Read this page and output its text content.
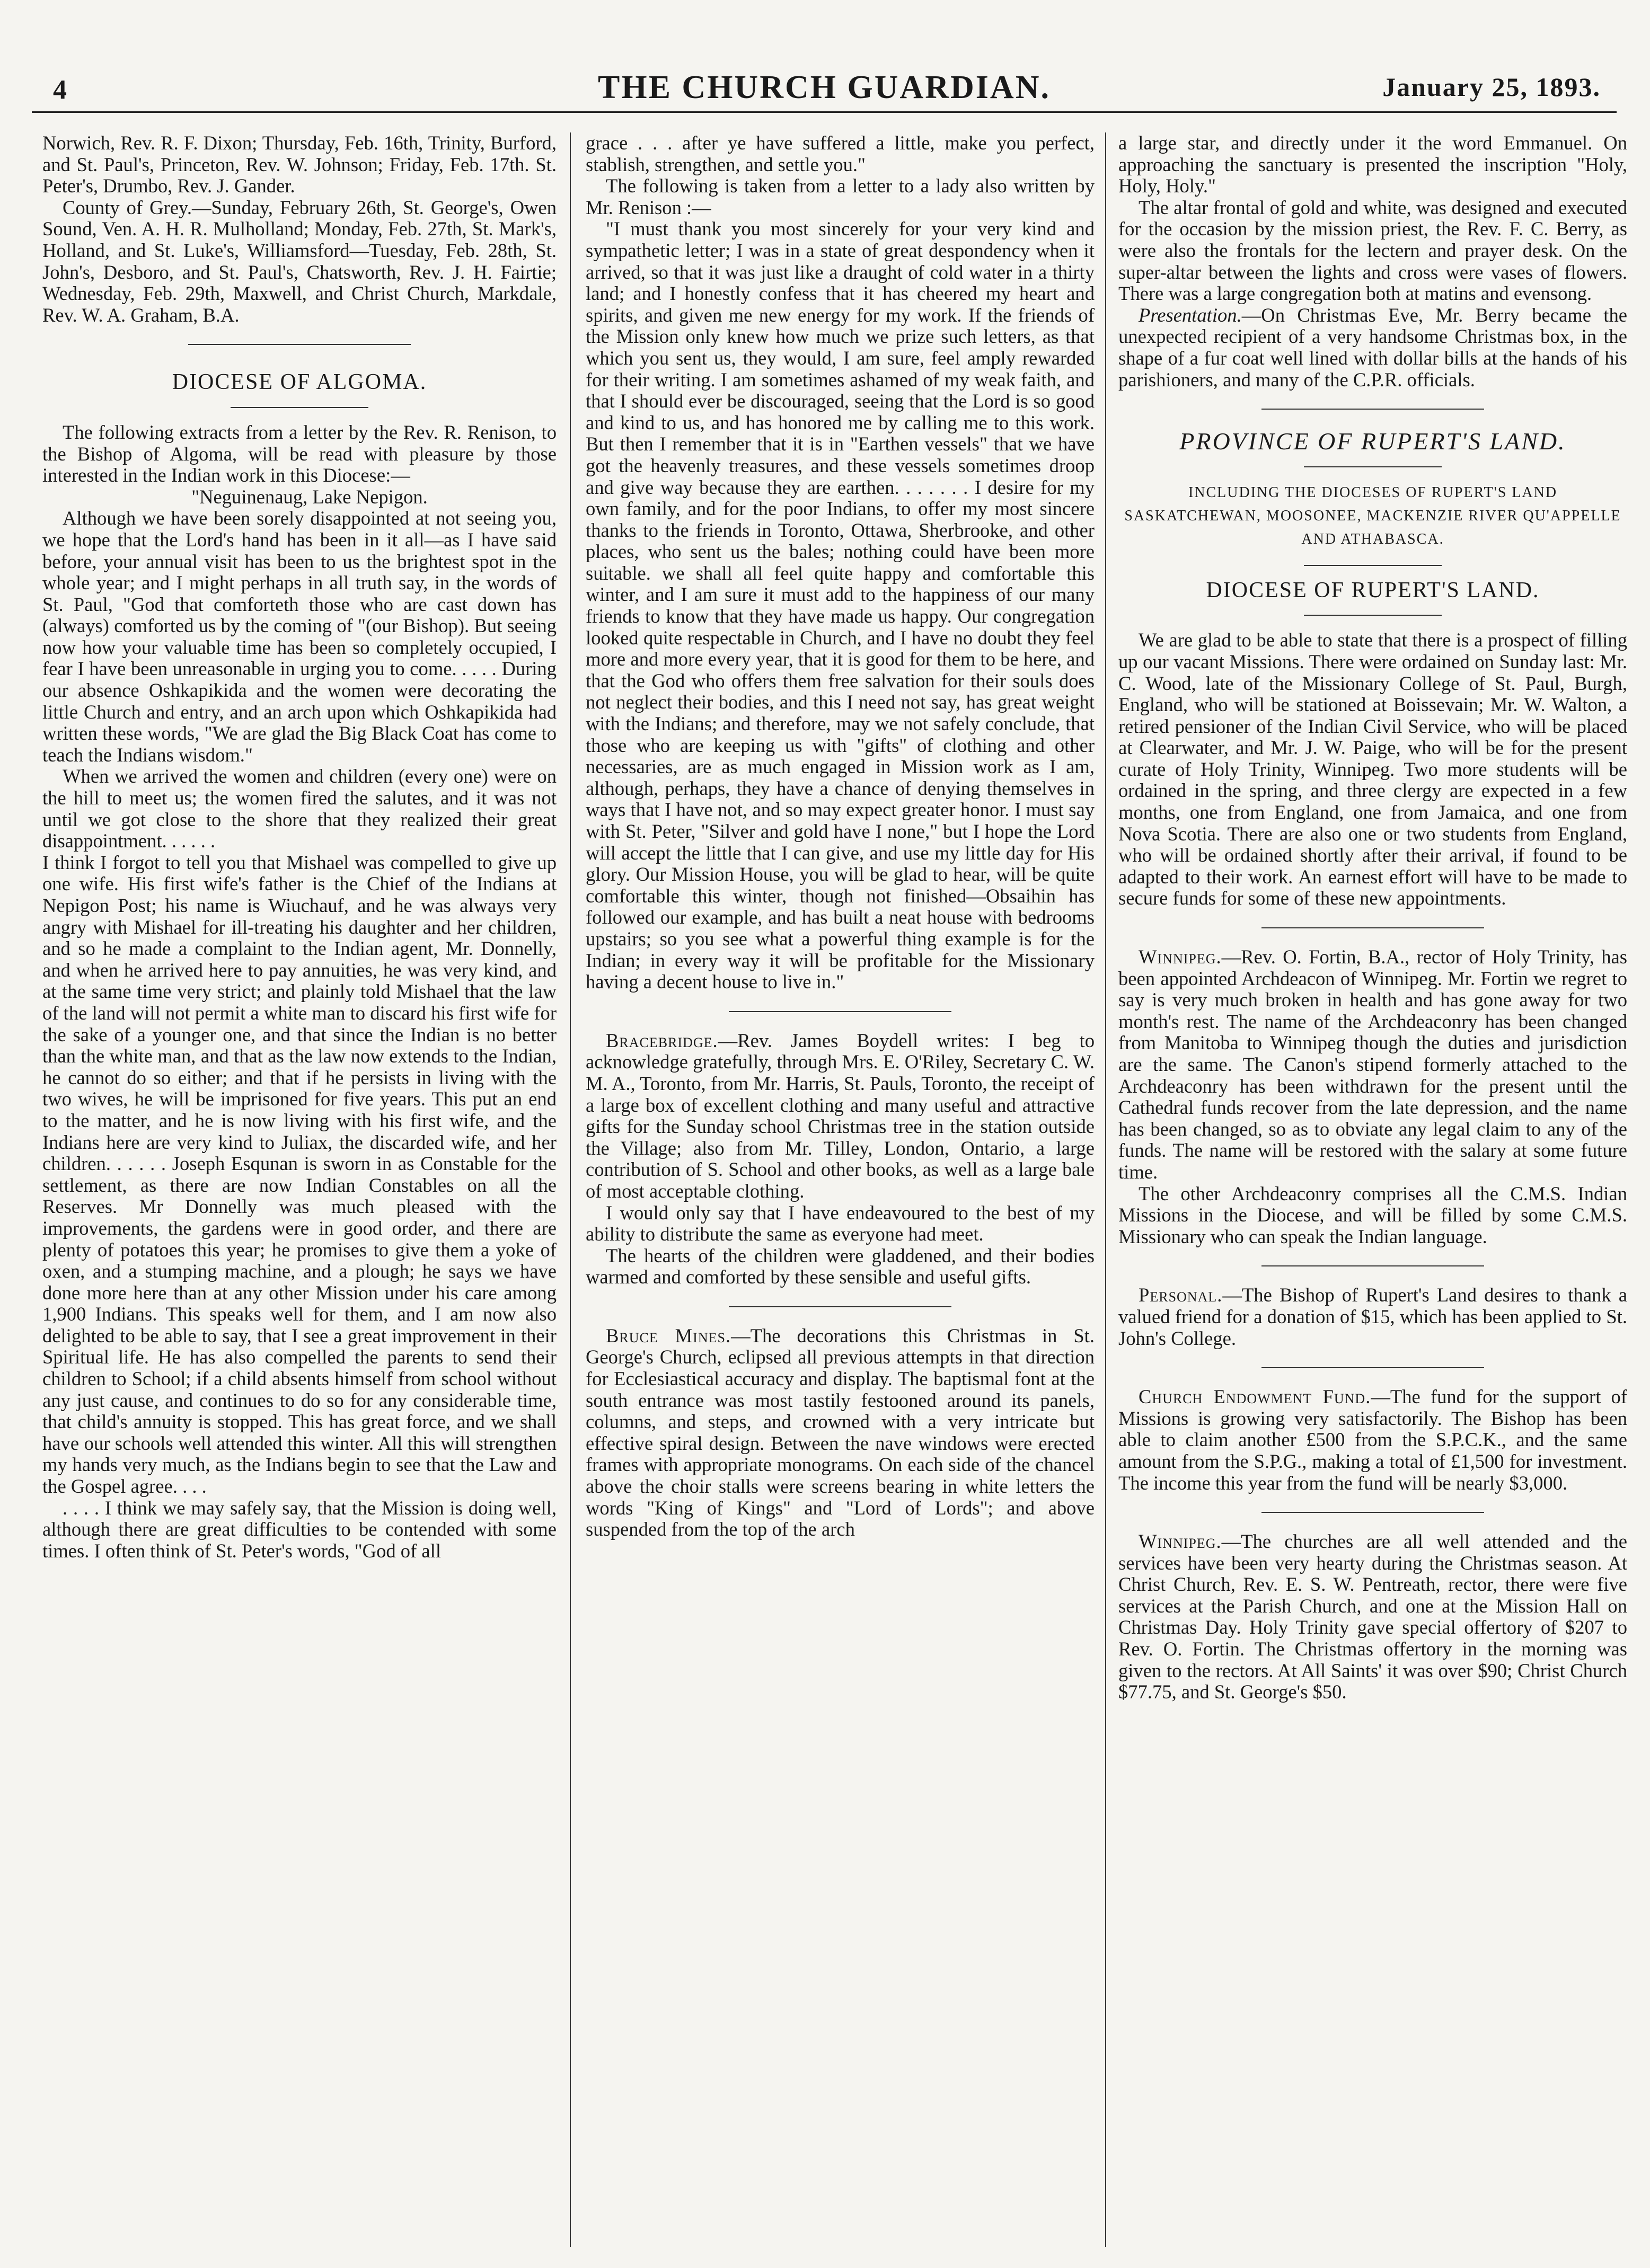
4	THE CHURCH GUARDIAN.	January 25, 1893.

Norwich, Rev. R. F. Dixon; Thursday, Feb. 16th, Trinity, Burford, and St. Paul's, Princeton, Rev. W. Johnson; Friday, Feb. 17th. St. Peter's, Drumbo, Rev. J. Gander.

County of Grey.—Sunday, February 26th, St. George's, Owen Sound, Ven. A. H. R. Mulholland; Monday, Feb. 27th, St. Mark's, Holland, and St. Luke's, Williamsford—Tuesday, Feb. 28th, St. John's, Desboro, and St. Paul's, Chatsworth, Rev. J. H. Fairtie; Wednesday, Feb. 29th, Maxwell, and Christ Church, Markdale, Rev. W. A. Graham, B.A.

DIOCESE OF ALGOMA.

The following extracts from a letter by the Rev. R. Renison, to the Bishop of Algoma, will be read with pleasure by those interested in the Indian work in this Diocese:—

"Neguinenaug, Lake Nepigon.

Although we have been sorely disappointed at not seeing you, we hope that the Lord's hand has been in it all—as I have said before, your annual visit has been to us the brightest spot in the whole year; and I might perhaps in all truth say, in the words of St. Paul, "God that comforteth those who are cast down has (always) comforted us by the coming of "(our Bishop). But seeing now how your valuable time has been so completely occupied, I fear I have been unreasonable in urging you to come. . . . . During our absence Oshkapikida and the women were decorating the little Church and entry, and an arch upon which Oshkapikida had written these words, "We are glad the Big Black Coat has come to teach the Indians wisdom."

When we arrived the women and children (every one) were on the hill to meet us; the women fired the salutes, and it was not until we got close to the shore that they realized their great disappointment. . . . . .

I think I forgot to tell you that Mishael was compelled to give up one wife. His first wife's father is the Chief of the Indians at Nepigon Post; his name is Wiuchauf, and he was always very angry with Mishael for ill-treating his daughter and her children, and so he made a complaint to the Indian agent, Mr. Donnelly, and when he arrived here to pay annuities, he was very kind, and at the same time very strict; and plainly told Mishael that the law of the land will not permit a white man to discard his first wife for the sake of a younger one, and that since the Indian is no better than the white man, and that as the law now extends to the Indian, he cannot do so either; and that if he persists in living with the two wives, he will be imprisoned for five years. This put an end to the matter, and he is now living with his first wife, and the Indians here are very kind to Juliax, the discarded wife, and her children. . . . . . Joseph Esqunan is sworn in as Constable for the settlement, as there are now Indian Constables on all the Reserves. Mr Donnelly was much pleased with the improvements, the gardens were in good order, and there are plenty of potatoes this year; he promises to give them a yoke of oxen, and a stumping machine, and a plough; he says we have done more here than at any other Mission under his care among 1,900 Indians. This speaks well for them, and I am now also delighted to be able to say, that I see a great improvement in their Spiritual life. He has also compelled the parents to send their children to School; if a child absents himself from school without any just cause, and continues to do so for any considerable time, that child's annuity is stopped. This has great force, and we shall have our schools well attended this winter. All this will strengthen my hands very much, as the Indians begin to see that the Law and the Gospel agree. . . .

. . . . I think we may safely say, that the Mission is doing well, although there are great difficulties to be contended with some times. I often think of St. Peter's words, "God of all

grace . . . after ye have suffered a little, make you perfect, stablish, strengthen, and settle you."

The following is taken from a letter to a lady also written by Mr. Renison :—

"I must thank you most sincerely for your very kind and sympathetic letter; I was in a state of great despondency when it arrived, so that it was just like a draught of cold water in a thirty land; and I honestly confess that it has cheered my heart and spirits, and given me new energy for my work. If the friends of the Mission only knew how much we prize such letters, as that which you sent us, they would, I am sure, feel amply rewarded for their writing. I am sometimes ashamed of my weak faith, and that I should ever be discouraged, seeing that the Lord is so good and kind to us, and has honored me by calling me to this work. But then I remember that it is in "Earthen vessels" that we have got the heavenly treasures, and these vessels sometimes droop and give way because they are earthen. . . . . . . I desire for my own family, and for the poor Indians, to offer my most sincere thanks to the friends in Toronto, Ottawa, Sherbrooke, and other places, who sent us the bales; nothing could have been more suitable. we shall all feel quite happy and comfortable this winter, and I am sure it must add to the happiness of our many friends to know that they have made us happy. Our congregation looked quite respectable in Church, and I have no doubt they feel more and more every year, that it is good for them to be here, and that the God who offers them free salvation for their souls does not neglect their bodies, and this I need not say, has great weight with the Indians; and therefore, may we not safely conclude, that those who are keeping us with "gifts" of clothing and other necessaries, are as much engaged in Mission work as I am, although, perhaps, they have a chance of denying themselves in ways that I have not, and so may expect greater honor. I must say with St. Peter, "Silver and gold have I none," but I hope the Lord will accept the little that I can give, and use my little day for His glory. Our Mission House, you will be glad to hear, will be quite comfortable this winter, though not finished—Obsaihin has followed our example, and has built a neat house with bedrooms upstairs; so you see what a powerful thing example is for the Indian; in every way it will be profitable for the Missionary having a decent house to live in."

Bracebridge.—Rev. James Boydell writes: I beg to acknowledge gratefully, through Mrs. E. O'Riley, Secretary C. W. M. A., Toronto, from Mr. Harris, St. Pauls, Toronto, the receipt of a large box of excellent clothing and many useful and attractive gifts for the Sunday school Christmas tree in the station outside the Village; also from Mr. Tilley, London, Ontario, a large contribution of S. School and other books, as well as a large bale of most acceptable clothing.

I would only say that I have endeavoured to the best of my ability to distribute the same as everyone had meet.

The hearts of the children were gladdened, and their bodies warmed and comforted by these sensible and useful gifts.

Bruce Mines.—The decorations this Christmas in St. George's Church, eclipsed all previous attempts in that direction for Ecclesiastical accuracy and display. The baptismal font at the south entrance was most tastily festooned around its panels, columns, and steps, and crowned with a very intricate but effective spiral design. Between the nave windows were erected frames with appropriate monograms. On each side of the chancel above the choir stalls were screens bearing in white letters the words "King of Kings" and "Lord of Lords"; and above suspended from the top of the arch

a large star, and directly under it the word Emmanuel. On approaching the sanctuary is presented the inscription "Holy, Holy, Holy."

The altar frontal of gold and white, was designed and executed for the occasion by the mission priest, the Rev. F. C. Berry, as were also the frontals for the lectern and prayer desk. On the super-altar between the lights and cross were vases of flowers. There was a large congregation both at matins and evensong.

Presentation.—On Christmas Eve, Mr. Berry became the unexpected recipient of a very handsome Christmas box, in the shape of a fur coat well lined with dollar bills at the hands of his parishioners, and many of the C.P.R. officials.

PROVINCE OF RUPERT'S LAND.
INCLUDING THE DIOCESES OF RUPERT'S LAND SASKATCHEWAN, MOOSONEE, MACKENZIE RIVER QU'APPELLE AND ATHABASCA.
DIOCESE OF RUPERT'S LAND.

We are glad to be able to state that there is a prospect of filling up our vacant Missions. There were ordained on Sunday last: Mr. C. Wood, late of the Missionary College of St. Paul, Burgh, England, who will be stationed at Boissevain; Mr. W. Walton, a retired pensioner of the Indian Civil Service, who will be placed at Clearwater, and Mr. J. W. Paige, who will be for the present curate of Holy Trinity, Winnipeg. Two more students will be ordained in the spring, and three clergy are expected in a few months, one from England, one from Jamaica, and one from Nova Scotia. There are also one or two students from England, who will be ordained shortly after their arrival, if found to be adapted to their work. An earnest effort will have to be made to secure funds for some of these new appointments.

Winnipeg.—Rev. O. Fortin, B.A., rector of Holy Trinity, has been appointed Archdeacon of Winnipeg. Mr. Fortin we regret to say is very much broken in health and has gone away for two month's rest. The name of the Archdeaconry has been changed from Manitoba to Winnipeg though the duties and jurisdiction are the same. The Canon's stipend formerly attached to the Archdeaconry has been withdrawn for the present until the Cathedral funds recover from the late depression, and the name has been changed, so as to obviate any legal claim to any of the funds. The name will be restored with the salary at some future time.

The other Archdeaconry comprises all the C.M.S. Indian Missions in the Diocese, and will be filled by some C.M.S. Missionary who can speak the Indian language.

Personal.—The Bishop of Rupert's Land desires to thank a valued friend for a donation of $15, which has been applied to St. John's College.

Church Endowment Fund.—The fund for the support of Missions is growing very satisfactorily. The Bishop has been able to claim another £500 from the S.P.C.K., and the same amount from the S.P.G., making a total of £1,500 for investment. The income this year from the fund will be nearly $3,000.

Winnipeg.—The churches are all well attended and the services have been very hearty during the Christmas season. At Christ Church, Rev. E. S. W. Pentreath, rector, there were five services at the Parish Church, and one at the Mission Hall on Christmas Day. Holy Trinity gave special offertory of $207 to Rev. O. Fortin. The Christmas offertory in the morning was given to the rectors. At All Saints' it was over $90; Christ Church $77.75, and St. George's $50.
